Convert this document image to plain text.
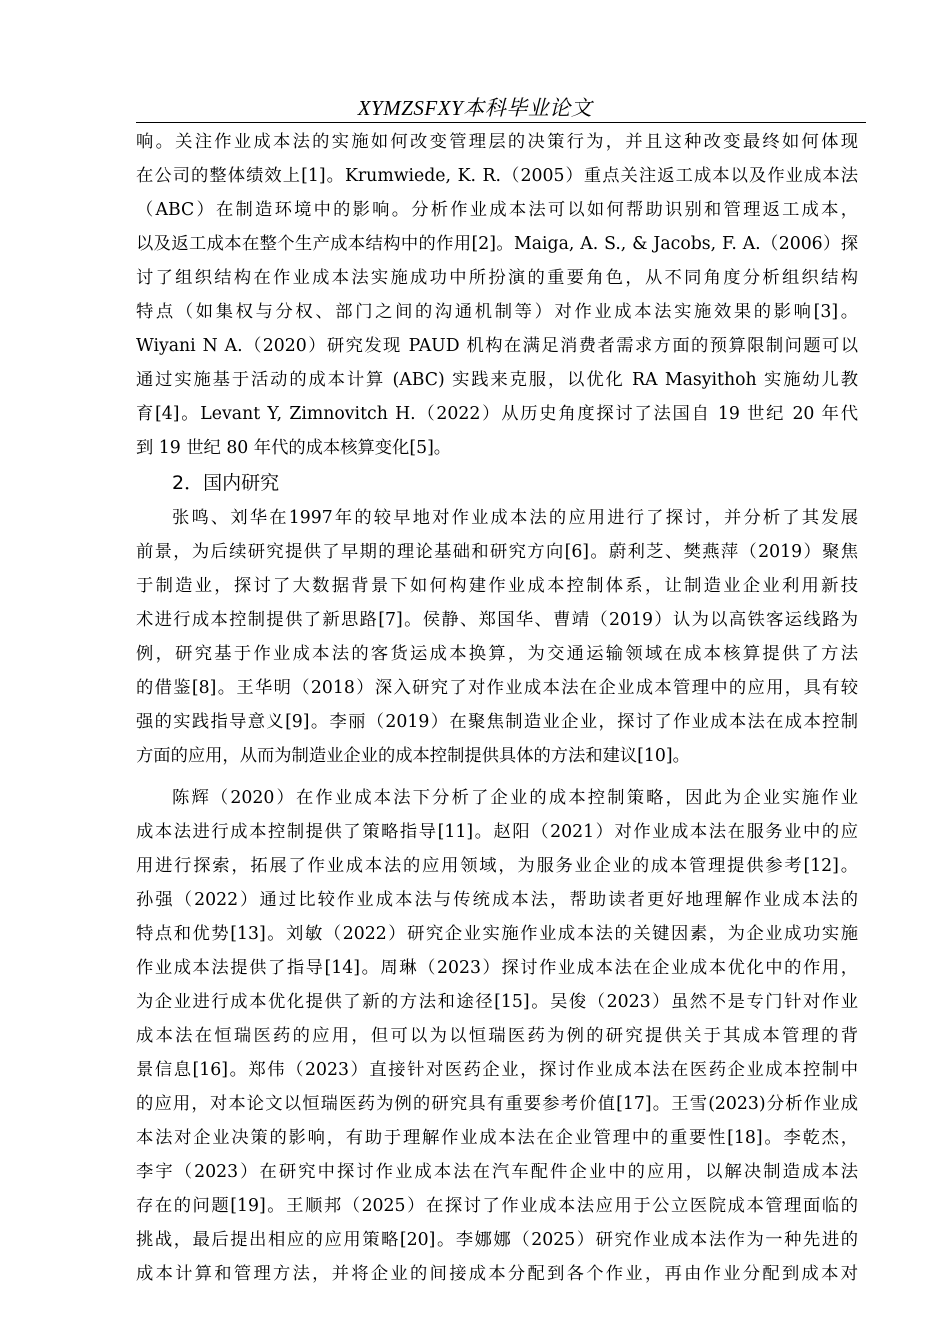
XYMZSFXY本科毕业论文
响。关注作业成本法的实施如何改变管理层的决策行为，并且这种改变最终如何体现
在公司的整体绩效上[1]。Krumwiede, K. R.（2005）重点关注返工成本以及作业成本法
（ABC）在制造环境中的影响。分析作业成本法可以如何帮助识别和管理返工成本，
以及返工成本在整个生产成本结构中的作用[2]。Maiga, A. S., & Jacobs, F. A.（2006）探
讨了组织结构在作业成本法实施成功中所扮演的重要角色，从不同角度分析组织结构
特点（如集权与分权、部门之间的沟通机制等）对作业成本法实施效果的影响[3]。
Wiyani N A.（2020）研究发现 PAUD 机构在满足消费者需求方面的预算限制问题可以
通过实施基于活动的成本计算 (ABC) 实践来克服，以优化 RA Masyithoh 实施幼儿教
育[4]。Levant Y, Zimnovitch H.（2022）从历史角度探讨了法国自 19 世纪 20 年代
到 19 世纪 80 年代的成本核算变化[5]。
2．国内研究
张鸣、刘华在1997年的较早地对作业成本法的应用进行了探讨，并分析了其发展
前景，为后续研究提供了早期的理论基础和研究方向[6]。蔚利芝、樊燕萍（2019）聚焦
于制造业，探讨了大数据背景下如何构建作业成本控制体系，让制造业企业利用新技
术进行成本控制提供了新思路[7]。侯静、郑国华、曹靖（2019）认为以高铁客运线路为
例，研究基于作业成本法的客货运成本换算，为交通运输领域在成本核算提供了方法
的借鉴[8]。王华明（2018）深入研究了对作业成本法在企业成本管理中的应用，具有较
强的实践指导意义[9]。李丽（2019）在聚焦制造业企业，探讨了作业成本法在成本控制
方面的应用，从而为制造业企业的成本控制提供具体的方法和建议[10]。
陈辉（2020）在作业成本法下分析了企业的成本控制策略，因此为企业实施作业
成本法进行成本控制提供了策略指导[11]。赵阳（2021）对作业成本法在服务业中的应
用进行探索，拓展了作业成本法的应用领域，为服务业企业的成本管理提供参考[12]。
孙强（2022）通过比较作业成本法与传统成本法，帮助读者更好地理解作业成本法的
特点和优势[13]。刘敏（2022）研究企业实施作业成本法的关键因素，为企业成功实施
作业成本法提供了指导[14]。周琳（2023）探讨作业成本法在企业成本优化中的作用，
为企业进行成本优化提供了新的方法和途径[15]。吴俊（2023）虽然不是专门针对作业
成本法在恒瑞医药的应用，但可以为以恒瑞医药为例的研究提供关于其成本管理的背
景信息[16]。郑伟（2023）直接针对医药企业，探讨作业成本法在医药企业成本控制中
的应用，对本论文以恒瑞医药为例的研究具有重要参考价值[17]。王雪(2023)分析作业成
本法对企业决策的影响，有助于理解作业成本法在企业管理中的重要性[18]。李乾杰，
李宇（2023）在研究中探讨作业成本法在汽车配件企业中的应用，以解决制造成本法
存在的问题[19]。王顺邦（2025）在探讨了作业成本法应用于公立医院成本管理面临的
挑战，最后提出相应的应用策略[20]。李娜娜（2025）研究作业成本法作为一种先进的
成本计算和管理方法，并将企业的间接成本分配到各个作业，再由作业分配到成本对
